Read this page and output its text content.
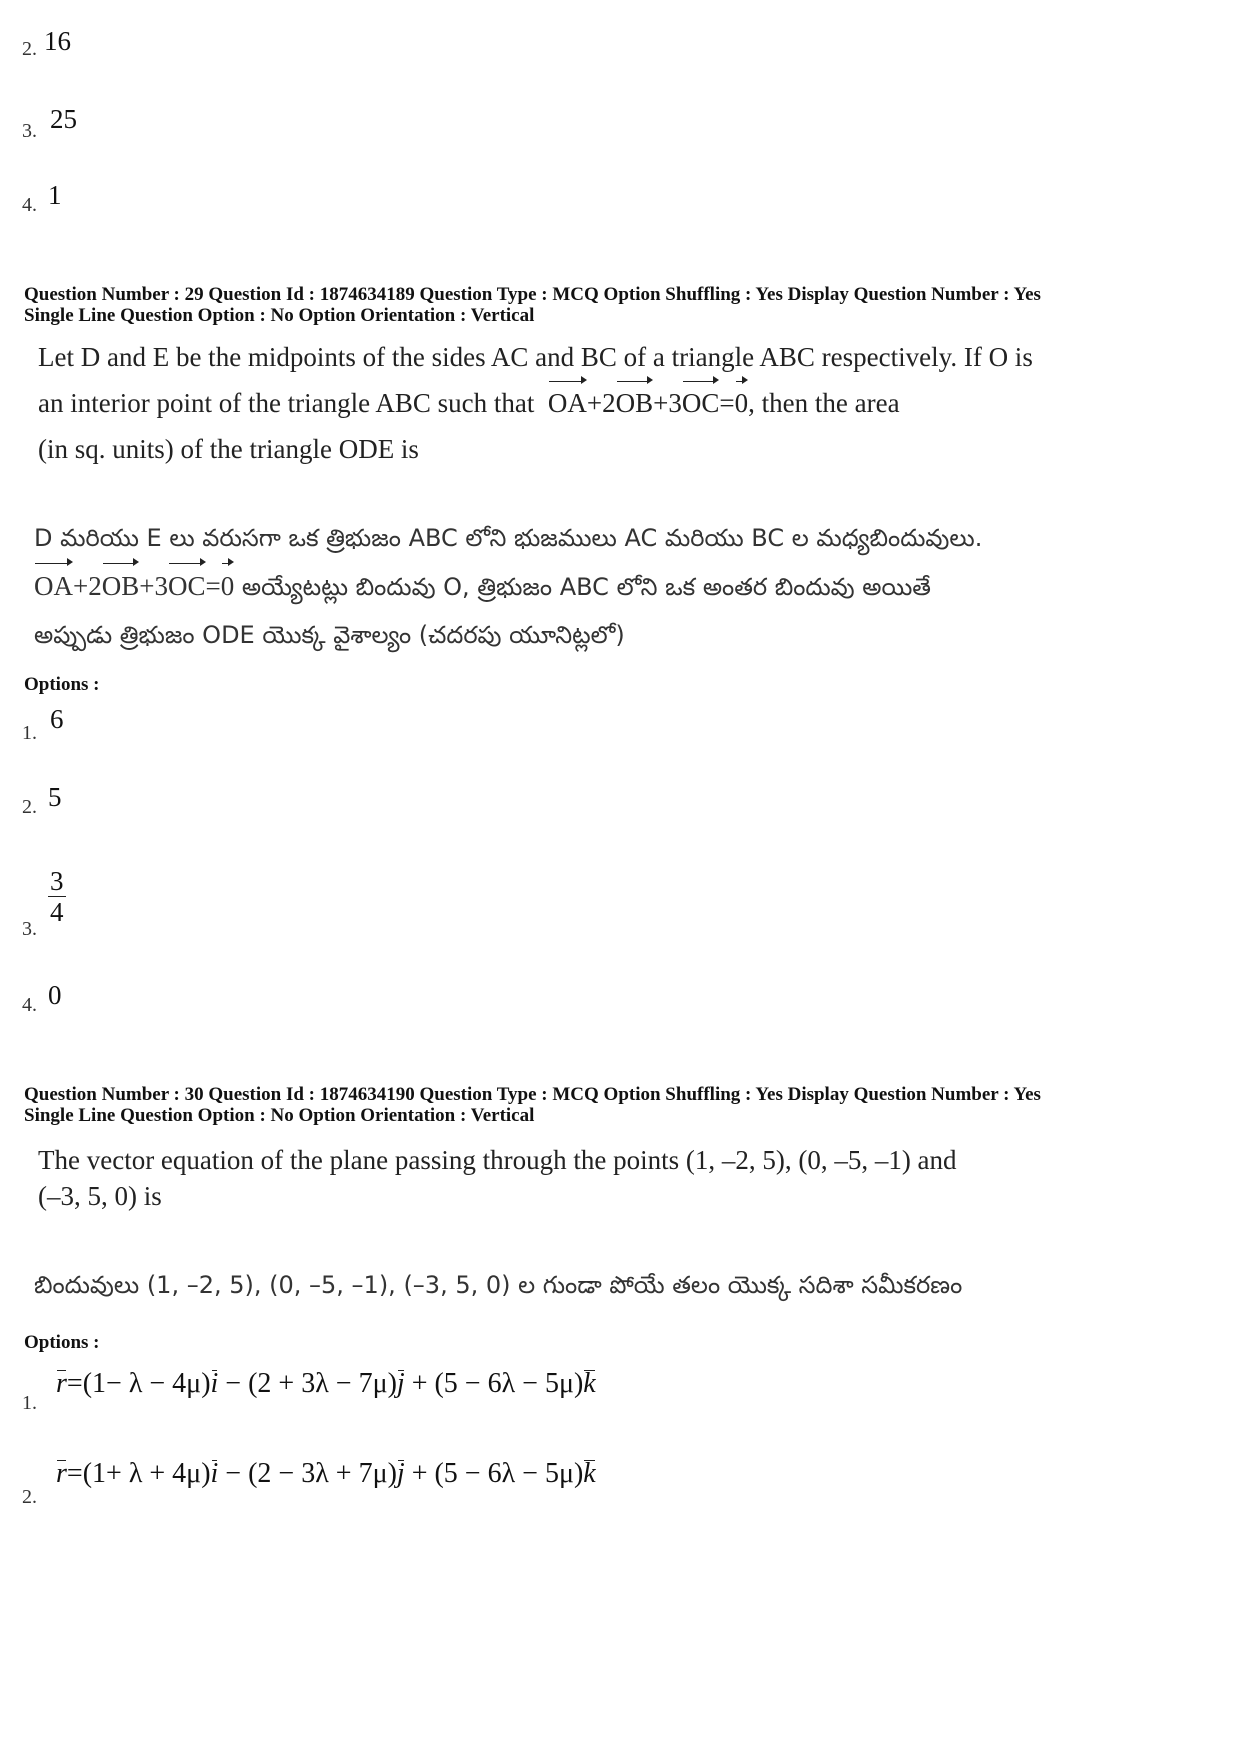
2. 16
3. 25
4. 1
Question Number : 29 Question Id : 1874634189 Question Type : MCQ Option Shuffling : Yes Display Question Number : Yes
Single Line Question Option : No Option Orientation : Vertical
Let D and E be the midpoints of the sides AC and BC of a triangle ABC respectively. If O is
an interior point of the triangle ABC such that OA+2OB+3OC=0, then the area
(in sq. units) of the triangle ODE is
D మరియు E లు వరుసగా ఒక త్రిభుజం ABC లోని భుజములు AC మరియు BC ల మధ్యబిందువులు.
OA+2OB+3OC=0 అయ్యేటట్లు బిందువు O, త్రిభుజం ABC లోని ఒక అంతర బిందువు అయితే
అప్పుడు త్రిభుజం ODE యొక్క వైశాల్యం (చదరపు యూనిట్లలో)
Options :
1. 6
2. 5
3.
$\frac{3}{4}$
4. 0
Question Number : 30 Question Id : 1874634190 Question Type : MCQ Option Shuffling : Yes Display Question Number : Yes
Single Line Question Option : No Option Orientation : Vertical
The vector equation of the plane passing through the points (1, –2, 5), (0, –5, –1) and
(–3, 5, 0) is
బిందువులు (1, –2, 5), (0, –5, –1), (–3, 5, 0) ల గుండా పోయే తలం యొక్క సదిశా సమీకరణం
Options :
1.
r=(1− λ − 4μ)i − (2 + 3λ − 7μ)j + (5 − 6λ − 5μ)k
2.
r=(1+ λ + 4μ)i − (2 − 3λ + 7μ)j + (5 − 6λ − 5μ)k
